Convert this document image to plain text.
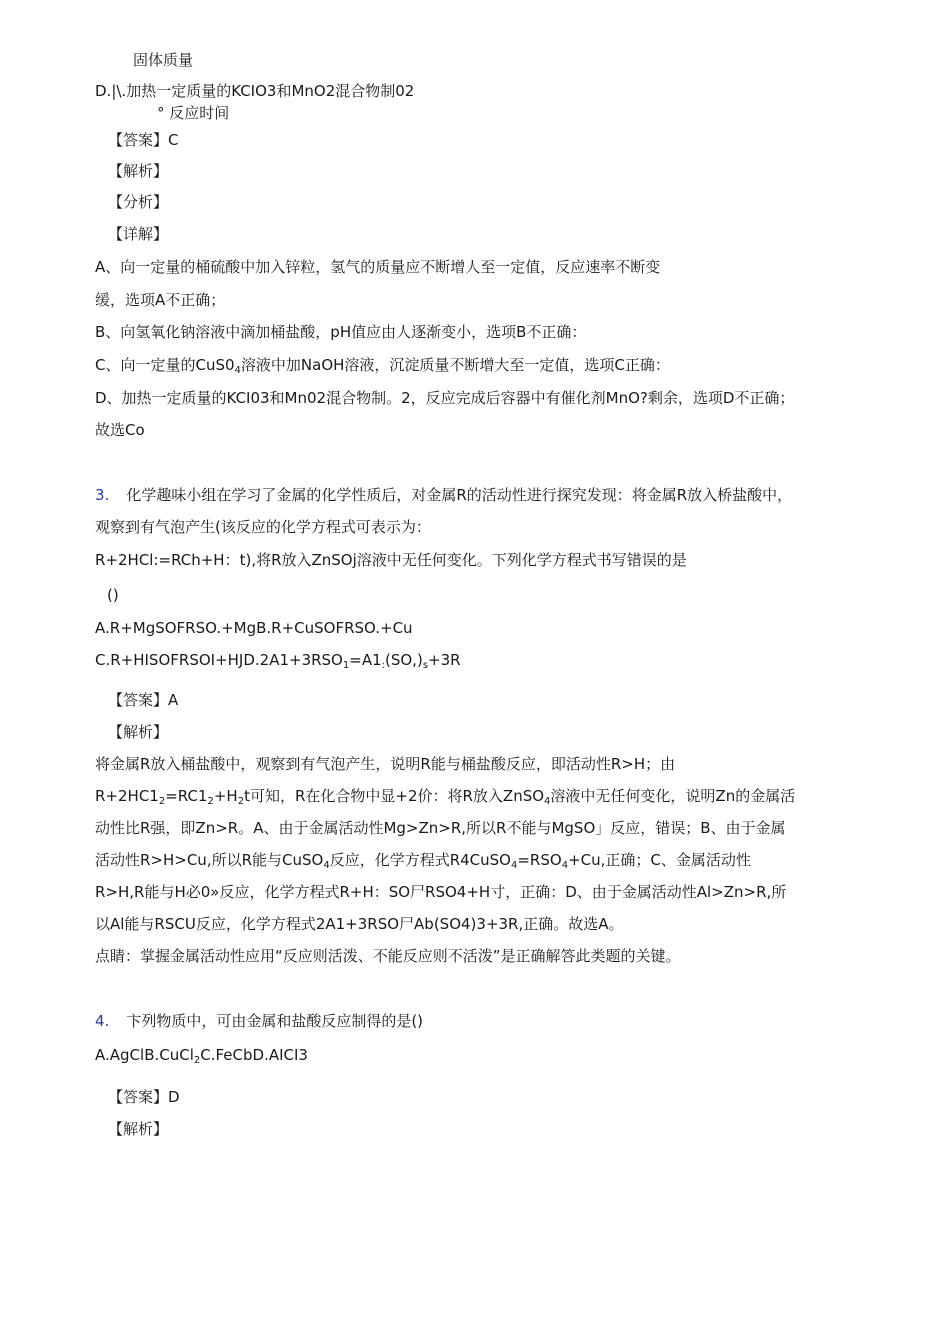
固体质量
D.|\.加热一定质量的KCIO3和MnO2混合物制02
° 反应时间
【答案】C
【解析】
【分析】
【详解】
A、向一定量的桶硫酸中加入锌粒，氢气的质量应不断增人至一定值，反应速率不断变
缓，选项A不正确；
B、向氢氧化钠溶液中滴加桶盐酸，pH值应由人逐渐变小，选项B不正确：
C、向一定量的$CuS0_4$溶液中加NaOH溶液，沉淀质量不断增大至一定值，选项C正确：
D、加热一定质量的KCI03和Mn02混合物制。2，反应完成后容器中有催化剂MnO?剩余，选项D不正确；
故选Co
3. 化学趣味小组在学习了金属的化学性质后，对金属R的活动性进行探究发现：将金属R放入桥盐酸中，
观察到有气泡产生(该反应的化学方程式可表示为：
R+2HCl:=RCh+H：t),将R放入ZnSOj溶液中无任何变化。下列化学方程式书写错误的是
()
A.R+MgSOFRSO.+MgB.R+CuSOFRSO.+Cu
$C.R+HISOFRSOI+HJD.2A1+3RSO_1=A1_:(SO,)_s+3R$
【答案】A
【解析】
将金属R放入桶盐酸中，观察到有气泡产生，说明R能与桶盐酸反应，即活动性R>H；由
$R+2HC1_2=RC1_2+H_2t$可知，R在化合物中显+2价：将R放入ZnSO$_4$溶液中无任何变化，说明Zn的金属活
动性比R强，即Zn>R。A、由于金属活动性Mg>Zn>R,所以R不能与MgSO」反应，错误；B、由于金属
活动性R>H>Cu,所以R能与CuSO$_4$反应，化学方程式$R4CuSO_4=RSO_4+Cu$,正确；C、金属活动性
R>H,R能与H必0»反应，化学方程式R+H：SO尸RSO4+H寸，正确：D、由于金属活动性Al>Zn>R,所
以Al能与RSCU反应，化学方程式2A1+3RSO尸Ab(SO4)3+3R,正确。故选A。
点睛：掌握金属活动性应用“反应则活泼、不能反应则不活泼”是正确解答此类题的关键。
4. 卞列物质中，可由金属和盐酸反应制得的是()
A.AgClB.CuCl$_2$C.FeCbD.AICI3
【答案】D
【解析】
